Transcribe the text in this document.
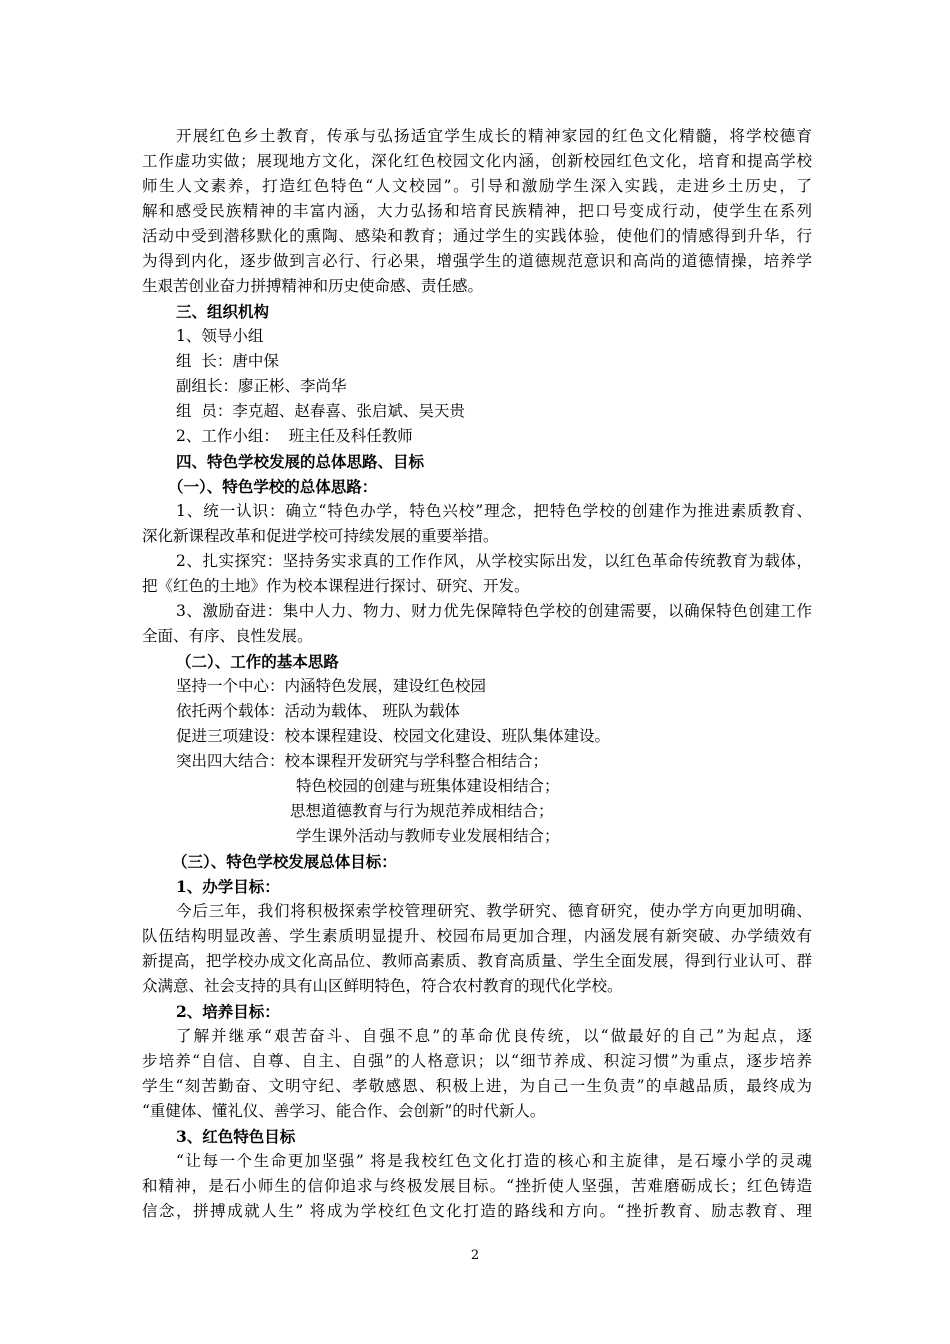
开展红色乡土教育，传承与弘扬适宜学生成长的精神家园的红色文化精髓，将学校德育
工作虚功实做；展现地方文化，深化红色校园文化内涵，创新校园红色文化，培育和提高学校
师生人文素养，打造红色特色“人文校园”。引导和激励学生深入实践，走进乡土历史，了
解和感受民族精神的丰富内涵，大力弘扬和培育民族精神，把口号变成行动，使学生在系列
活动中受到潜移默化的熏陶、感染和教育；通过学生的实践体验，使他们的情感得到升华，行
为得到内化，逐步做到言必行、行必果，增强学生的道德规范意识和高尚的道德情操，培养学
生艰苦创业奋力拼搏精神和历史使命感、责任感。
三、组织机构
1、领导小组
组  长：唐中保
副组长：廖正彬、李尚华
组  员：李克超、赵春喜、张启斌、吴天贵
2、工作小组：  班主任及科任教师
四、特色学校发展的总体思路、目标
（一）、特色学校的总体思路：
1、统一认识：确立“特色办学，特色兴校”理念，把特色学校的创建作为推进素质教育、
深化新课程改革和促进学校可持续发展的重要举措。
2、扎实探究：坚持务实求真的工作作风，从学校实际出发，以红色革命传统教育为载体，
把《红色的土地》作为校本课程进行探讨、研究、开发。
3、激励奋进：集中人力、物力、财力优先保障特色学校的创建需要，以确保特色创建工作
全面、有序、良性发展。
（二）、工作的基本思路
坚持一个中心：内涵特色发展，建设红色校园
依托两个载体：活动为载体、 班队为载体
促进三项建设：校本课程建设、校园文化建设、班队集体建设。
突出四大结合：校本课程开发研究与学科整合相结合；
特色校园的创建与班集体建设相结合；
思想道德教育与行为规范养成相结合；
学生课外活动与教师专业发展相结合；
（三）、特色学校发展总体目标：
1、办学目标：
今后三年，我们将积极探索学校管理研究、教学研究、德育研究，使办学方向更加明确、
队伍结构明显改善、学生素质明显提升、校园布局更加合理，内涵发展有新突破、办学绩效有
新提高，把学校办成文化高品位、教师高素质、教育高质量、学生全面发展，得到行业认可、群
众满意、社会支持的具有山区鲜明特色，符合农村教育的现代化学校。
2、培养目标：
了解并继承“艰苦奋斗、自强不息”的革命优良传统，以“做最好的自己”为起点，逐
步培养“自信、自尊、自主、自强”的人格意识；以“细节养成、积淀习惯”为重点，逐步培养
学生“刻苦勤奋、文明守纪、孝敬感恩、积极上进，为自己一生负责”的卓越品质，最终成为
“重健体、懂礼仪、善学习、能合作、会创新”的时代新人。
3、红色特色目标
“让每一个生命更加坚强” 将是我校红色文化打造的核心和主旋律，是石壕小学的灵魂
和精神，是石小师生的信仰追求与终极发展目标。“挫折使人坚强，苦难磨砺成长；红色铸造
信念，拼搏成就人生” 将成为学校红色文化打造的路线和方向。“挫折教育、励志教育、理
2
